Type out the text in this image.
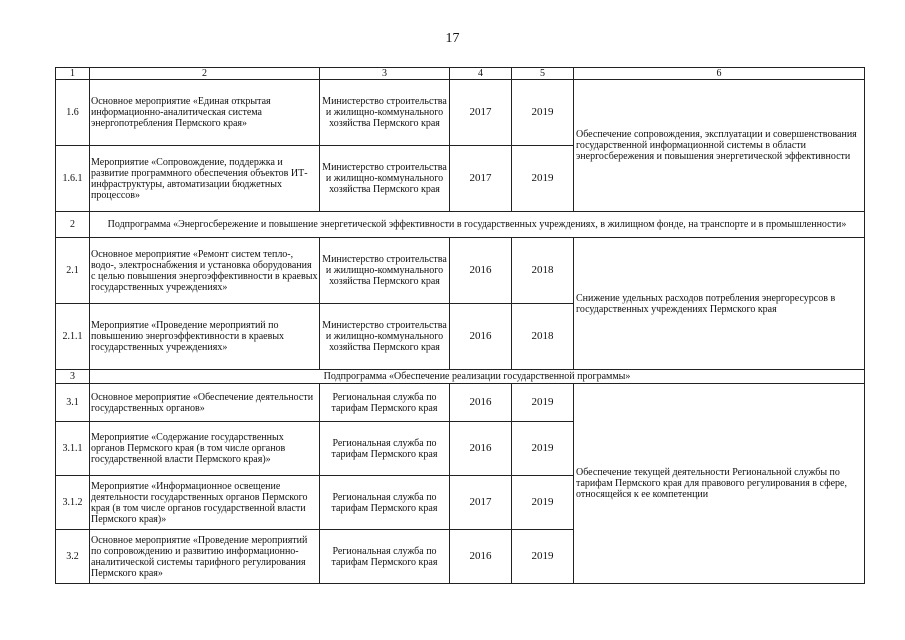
17
1	2	3	4	5	6
1.6	Основное мероприятие «Единая открытая информационно-аналитическая система энергопотребления Пермского края»	Министерство строительства и жилищно-коммунального хозяйства Пермского края	2017	2019	Обеспечение сопровождения, эксплуатации и совершенствования государственной информационной системы в области энергосбережения и повышения энергетической эффективности
1.6.1	Мероприятие «Сопровождение, поддержка и развитие программного обеспечения объектов ИТ-инфраструктуры, автоматизации бюджетных процессов»	Министерство строительства и жилищно-коммунального хозяйства Пермского края	2017	2019	
2	Подпрограмма «Энергосбережение и повышение энергетической эффективности в государственных учреждениях, в жилищном фонде, на транспорте и в промышленности»				
2.1	Основное мероприятие «Ремонт систем тепло-, водо-, электроснабжения и установка оборудования с целью повышения энергоэффективности в краевых государственных учреждениях»	Министерство строительства и жилищно-коммунального хозяйства Пермского края	2016	2018	Снижение удельных расходов потребления энергоресурсов в государственных учреждениях Пермского края
2.1.1	Мероприятие «Проведение мероприятий по повышению энергоэффективности в краевых государственных учреждениях»	Министерство строительства и жилищно-коммунального хозяйства Пермского края	2016	2018	
3	Подпрограмма «Обеспечение реализации государственной программы»				
3.1	Основное мероприятие «Обеспечение деятельности государственных органов»	Региональная служба по тарифам Пермского края	2016	2019	Обеспечение текущей деятельности Региональной службы по тарифам Пермского края для правового регулирования в сфере, относящейся к ее компетенции
3.1.1	Мероприятие «Содержание государственных органов Пермского края (в том числе органов государственной власти Пермского края)»	Региональная служба по тарифам Пермского края	2016	2019	
3.1.2	Мероприятие «Информационное освещение деятельности государственных органов Пермского края (в том числе органов государственной власти Пермского края)»	Региональная служба по тарифам Пермского края	2017	2019	
3.2	Основное мероприятие «Проведение мероприятий по сопровождению и развитию информационно-аналитической системы тарифного регулирования Пермского края»	Региональная служба по тарифам Пермского края	2016	2019	
